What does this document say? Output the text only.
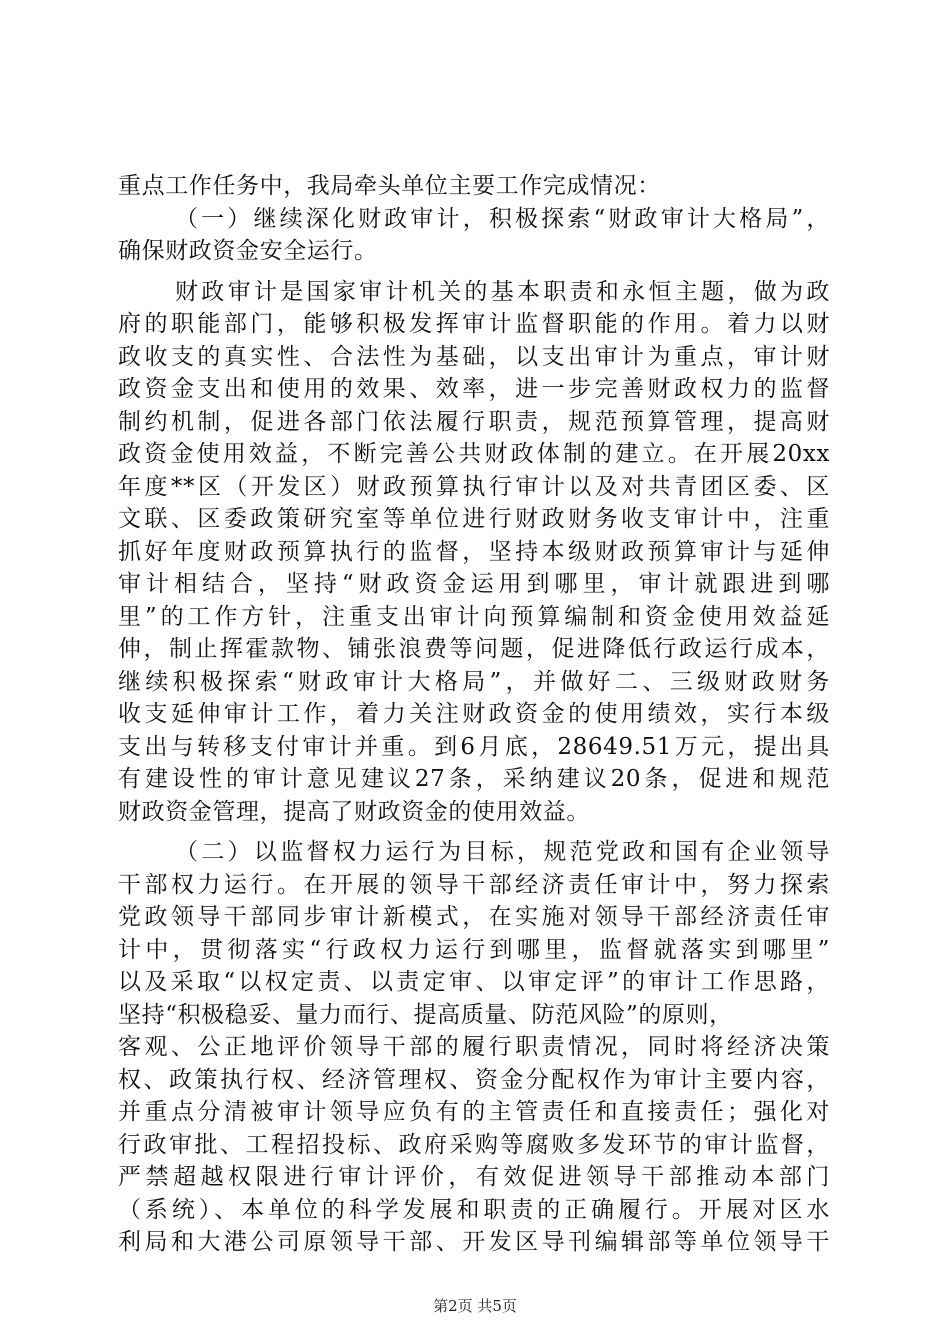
重点工作任务中，我局牵头单位主要工作完成情况：
（一）继续深化财政审计，积极探索“财政审计大格局”，
确保财政资金安全运行。
财政审计是国家审计机关的基本职责和永恒主题，做为政
府的职能部门，能够积极发挥审计监督职能的作用。着力以财
政收支的真实性、合法性为基础，以支出审计为重点，审计财
政资金支出和使用的效果、效率，进一步完善财政权力的监督
制约机制，促进各部门依法履行职责，规范预算管理，提高财
政资金使用效益，不断完善公共财政体制的建立。在开展20xx
年度**区（开发区）财政预算执行审计以及对共青团区委、区
文联、区委政策研究室等单位进行财政财务收支审计中，注重
抓好年度财政预算执行的监督，坚持本级财政预算审计与延伸
审计相结合，坚持“财政资金运用到哪里，审计就跟进到哪
里”的工作方针，注重支出审计向预算编制和资金使用效益延
伸，制止挥霍款物、铺张浪费等问题，促进降低行政运行成本，
继续积极探索“财政审计大格局”，并做好二、三级财政财务
收支延伸审计工作，着力关注财政资金的使用绩效，实行本级
支出与转移支付审计并重。到6月底，28649.51万元，提出具
有建设性的审计意见建议27条，采纳建议20条，促进和规范
财政资金管理，提高了财政资金的使用效益。
（二）以监督权力运行为目标，规范党政和国有企业领导
干部权力运行。在开展的领导干部经济责任审计中，努力探索
党政领导干部同步审计新模式，在实施对领导干部经济责任审
计中，贯彻落实“行政权力运行到哪里，监督就落实到哪里”
以及采取“以权定责、以责定审、以审定评”的审计工作思路，
坚持“积极稳妥、量力而行、提高质量、防范风险”的原则，
客观、公正地评价领导干部的履行职责情况，同时将经济决策
权、政策执行权、经济管理权、资金分配权作为审计主要内容，
并重点分清被审计领导应负有的主管责任和直接责任；强化对
行政审批、工程招投标、政府采购等腐败多发环节的审计监督，
严禁超越权限进行审计评价，有效促进领导干部推动本部门
（系统）、本单位的科学发展和职责的正确履行。开展对区水
利局和大港公司原领导干部、开发区导刊编辑部等单位领导干
第2页 共5页
